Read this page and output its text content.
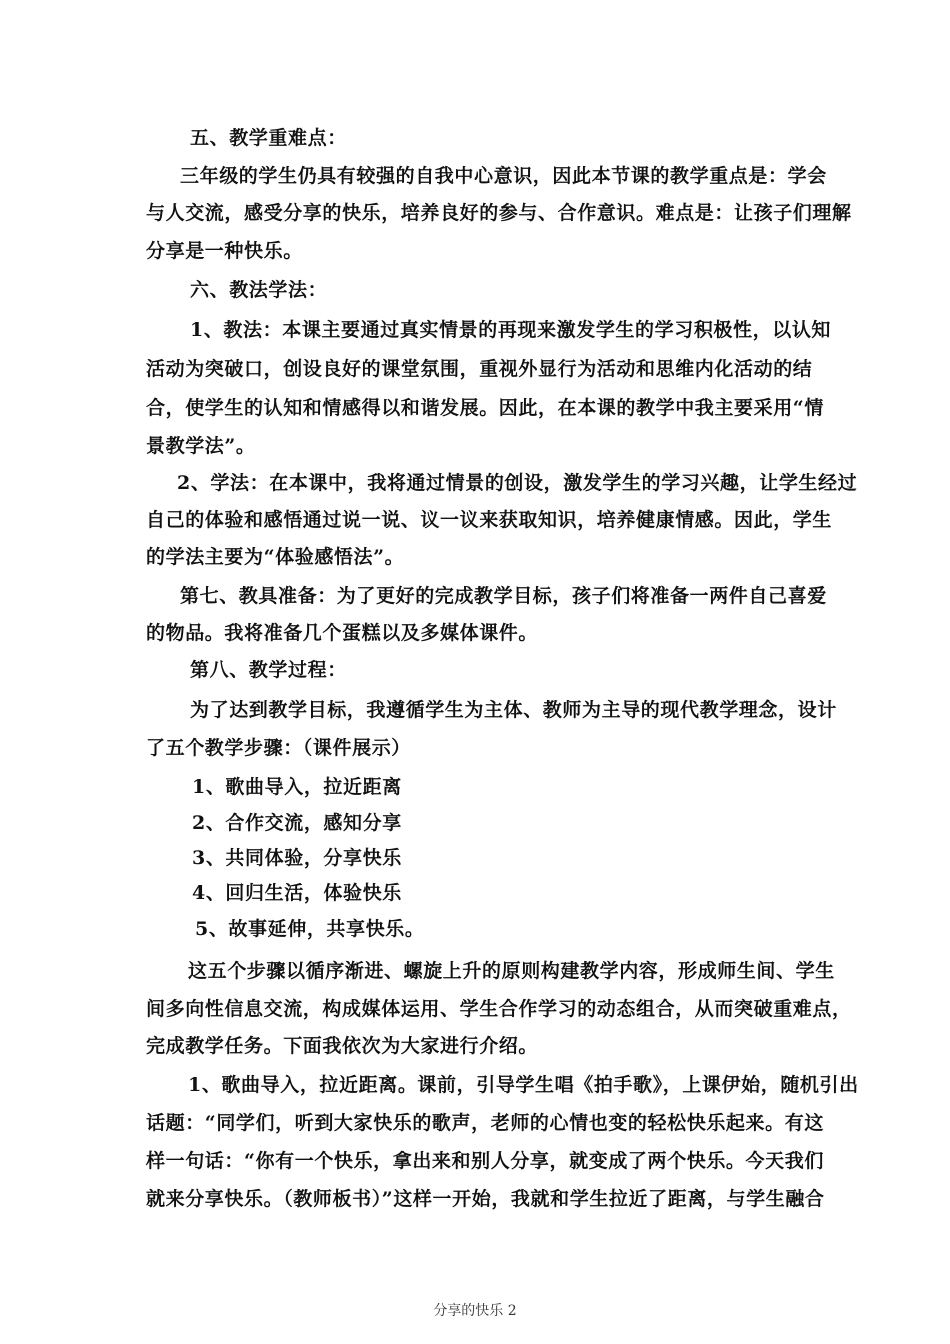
五、教学重难点：
三年级的学生仍具有较强的自我中心意识，因此本节课的教学重点是：学会
与人交流，感受分享的快乐，培养良好的参与、合作意识。难点是：让孩子们理解
分享是一种快乐。
六、教法学法：
1、教法：本课主要通过真实情景的再现来激发学生的学习积极性，以认知
活动为突破口，创设良好的课堂氛围，重视外显行为活动和思维内化活动的结
合，使学生的认知和情感得以和谐发展。因此，在本课的教学中我主要采用“情
景教学法”。
2、学法：在本课中，我将通过情景的创设，激发学生的学习兴趣，让学生经过
自己的体验和感悟通过说一说、议一议来获取知识，培养健康情感。因此，学生
的学法主要为“体验感悟法”。
第七、教具准备：为了更好的完成教学目标，孩子们将准备一两件自己喜爱
的物品。我将准备几个蛋糕以及多媒体课件。
第八、教学过程：
为了达到教学目标，我遵循学生为主体、教师为主导的现代教学理念，设计
了五个教学步骤：（课件展示）
1、歌曲导入，拉近距离
2、合作交流，感知分享
3、共同体验，分享快乐
4、回归生活，体验快乐
5、故事延伸，共享快乐。
这五个步骤以循序渐进、螺旋上升的原则构建教学内容，形成师生间、学生
间多向性信息交流，构成媒体运用、学生合作学习的动态组合，从而突破重难点，
完成教学任务。下面我依次为大家进行介绍。
1、歌曲导入，拉近距离。课前，引导学生唱《拍手歌》，上课伊始，随机引出
话题：“同学们，听到大家快乐的歌声，老师的心情也变的轻松快乐起来。有这
样一句话：“你有一个快乐，拿出来和别人分享，就变成了两个快乐。今天我们
就来分享快乐。（教师板书）”这样一开始，我就和学生拉近了距离，与学生融合
分享的快乐 2
